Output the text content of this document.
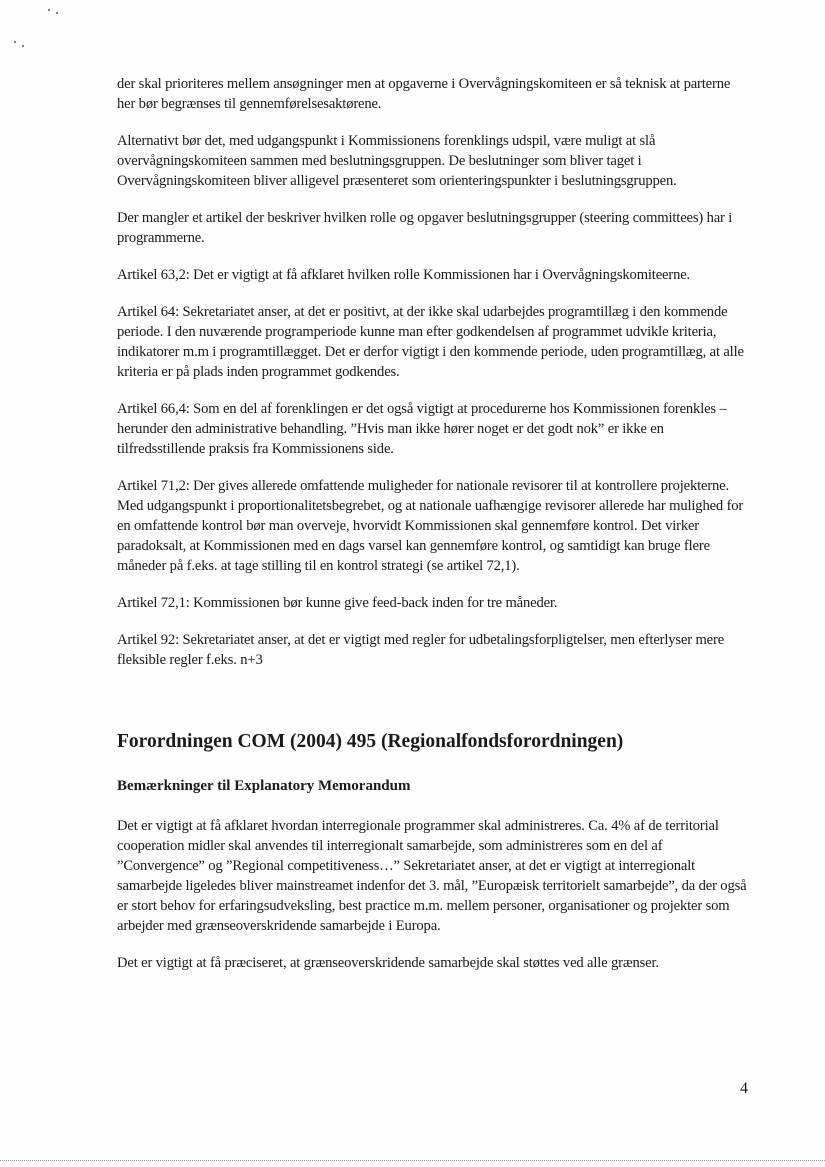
der skal prioriteres mellem ansøgninger men at opgaverne i Overvågningskomiteen er så teknisk at parterne her bør begrænses til gennemførelsesaktørene.

Alternativt bør det, med udgangspunkt i Kommissionens forenklings udspil, være muligt at slå overvågningskomiteen sammen med beslutningsgruppen. De beslutninger som bliver taget i Overvågningskomiteen bliver alligevel præsenteret som orienteringspunkter i beslutningsgruppen.

Der mangler et artikel der beskriver hvilken rolle og opgaver beslutningsgrupper (steering committees) har i programmerne.

Artikel 63,2: Det er vigtigt at få afklaret hvilken rolle Kommissionen har i Overvågningskomiteerne.

Artikel 64: Sekretariatet anser, at det er positivt, at der ikke skal udarbejdes programtillæg i den kommende periode. I den nuværende programperiode kunne man efter godkendelsen af programmet udvikle kriteria, indikatorer m.m i programtillægget. Det er derfor vigtigt i den kommende periode, uden programtillæg, at alle kriteria er på plads inden programmet godkendes.

Artikel 66,4: Som en del af forenklingen er det også vigtigt at procedurerne hos Kommissionen forenkles – herunder den administrative behandling. ”Hvis man ikke hører noget er det godt nok” er ikke en tilfredsstillende praksis fra Kommissionens side.

Artikel 71,2: Der gives allerede omfattende muligheder for nationale revisorer til at kontrollere projekterne. Med udgangspunkt i proportionalitetsbegrebet, og at nationale uafhængige revisorer allerede har mulighed for en omfattende kontrol bør man overveje, hvorvidt Kommissionen skal gennemføre kontrol. Det virker paradoksalt, at Kommissionen med en dags varsel kan gennemføre kontrol, og samtidigt kan bruge flere måneder på f.eks. at tage stilling til en kontrol strategi (se artikel 72,1).

Artikel 72,1: Kommissionen bør kunne give feed-back inden for tre måneder.

Artikel 92: Sekretariatet anser, at det er vigtigt med regler for udbetalingsforpligtelser, men efterlyser mere fleksible regler f.eks. n+3

Forordningen COM (2004) 495 (Regionalfondsforordningen)
Bemærkninger til Explanatory Memorandum

Det er vigtigt at få afklaret hvordan interregionale programmer skal administreres. Ca. 4% af de territorial cooperation midler skal anvendes til interregionalt samarbejde, som administreres som en del af ”Convergence” og ”Regional competitiveness…” Sekretariatet anser, at det er vigtigt at interregionalt samarbejde ligeledes bliver mainstreamet indenfor det 3. mål, ”Europæisk territorielt samarbejde”, da der også er stort behov for erfaringsudveksling, best practice m.m. mellem personer, organisationer og projekter som arbejder med grænseoverskridende samarbejde i Europa.

Det er vigtigt at få præciseret, at grænseoverskridende samarbejde skal støttes ved alle grænser.

4
